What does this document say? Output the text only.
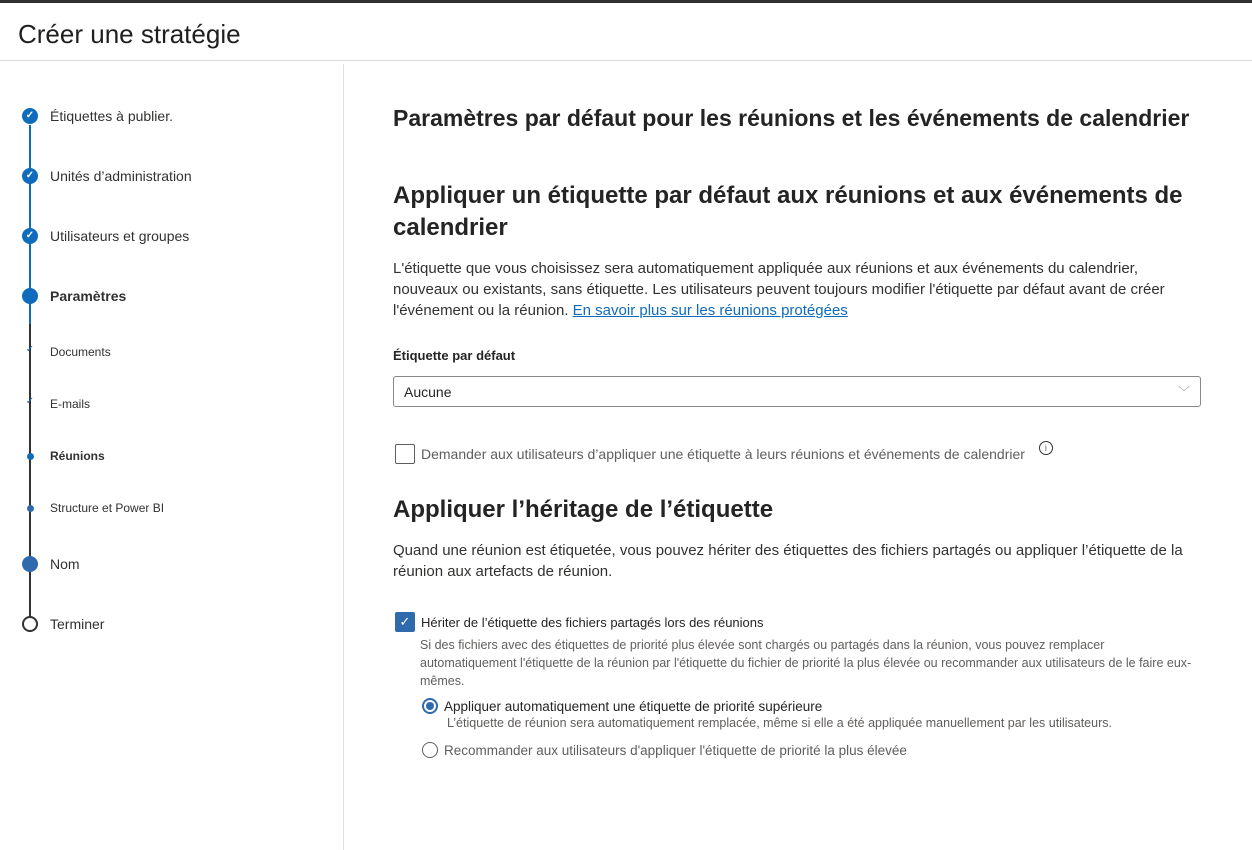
Créer une stratégie
✓ Étiquettes à publier.
✓ Unités d’administration
✓ Utilisateurs et groupes
Paramètres
✓ Documents
✓ E-mails
Réunions
Structure et Power BI
Nom
Terminer
Paramètres par défaut pour les réunions et les événements de calendrier
Appliquer un étiquette par défaut aux réunions et aux événements de calendrier

L'étiquette que vous choisissez sera automatiquement appliquée aux réunions et aux événements du calendrier, nouveaux ou existants, sans étiquette. Les utilisateurs peuvent toujours modifier l'étiquette par défaut avant de créer l'événement ou la réunion. En savoir plus sur les réunions protégées

Étiquette par défaut
Aucune	﹀
Demander aux utilisateurs d’appliquer une étiquette à leurs réunions et événements de calendrier	i
Appliquer l’héritage de l’étiquette

Quand une réunion est étiquetée, vous pouvez hériter des étiquettes des fichiers partagés ou appliquer l’étiquette de la réunion aux artefacts de réunion.

✓ Hériter de l’étiquette des fichiers partagés lors des réunions

Si des fichiers avec des étiquettes de priorité plus élevée sont chargés ou partagés dans la réunion, vous pouvez remplacer automatiquement l'étiquette de la réunion par l'étiquette du fichier de priorité la plus élevée ou recommander aux utilisateurs de le faire eux-mêmes.

Appliquer automatiquement une étiquette de priorité supérieure

L’étiquette de réunion sera automatiquement remplacée, même si elle a été appliquée manuellement par les utilisateurs.

Recommander aux utilisateurs d'appliquer l'étiquette de priorité la plus élevée
